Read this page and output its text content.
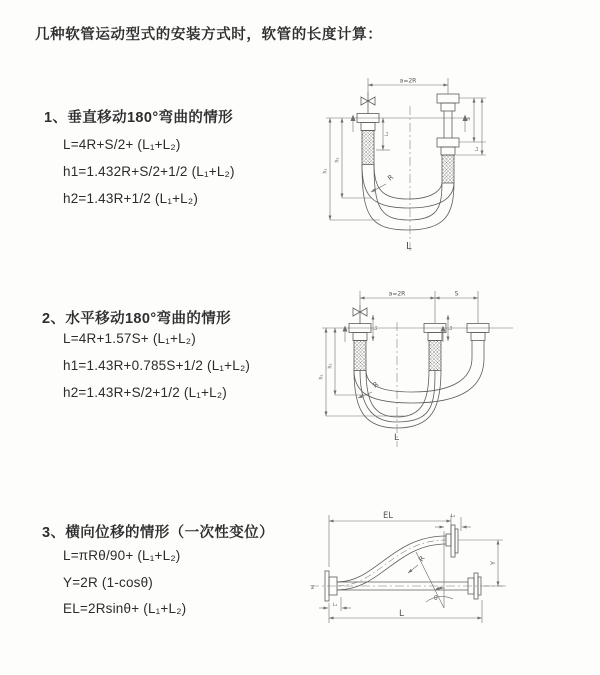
几种软管运动型式的安装方式时，软管的长度计算：
1、垂直移动180°弯曲的情形
L=4R+S/2+ (L₁+L₂)
h1=1.432R+S/2+1/2 (L₁+L₂)
h2=1.43R+1/2 (L₁+L₂)
2、水平移动180°弯曲的情形
L=4R+1.57S+ (L₁+L₂)
h1=1.43R+0.785S+1/2 (L₁+L₂)
h2=1.43R+S/2+1/2 (L₁+L₂)
3、横向位移的情形（一次性变位）
L=πRθ/90+ (L₁+L₂)
Y=2R (1-cosθ)
EL=2Rsinθ+ (L₁+L₂)
a=2R
L₁
S
L₂
h₁
h₂
R
L
a=2R	S
L₁	L₂
h₁
h₂
R
L
EL	L₂
z
Y
θ
R
L
L₁
